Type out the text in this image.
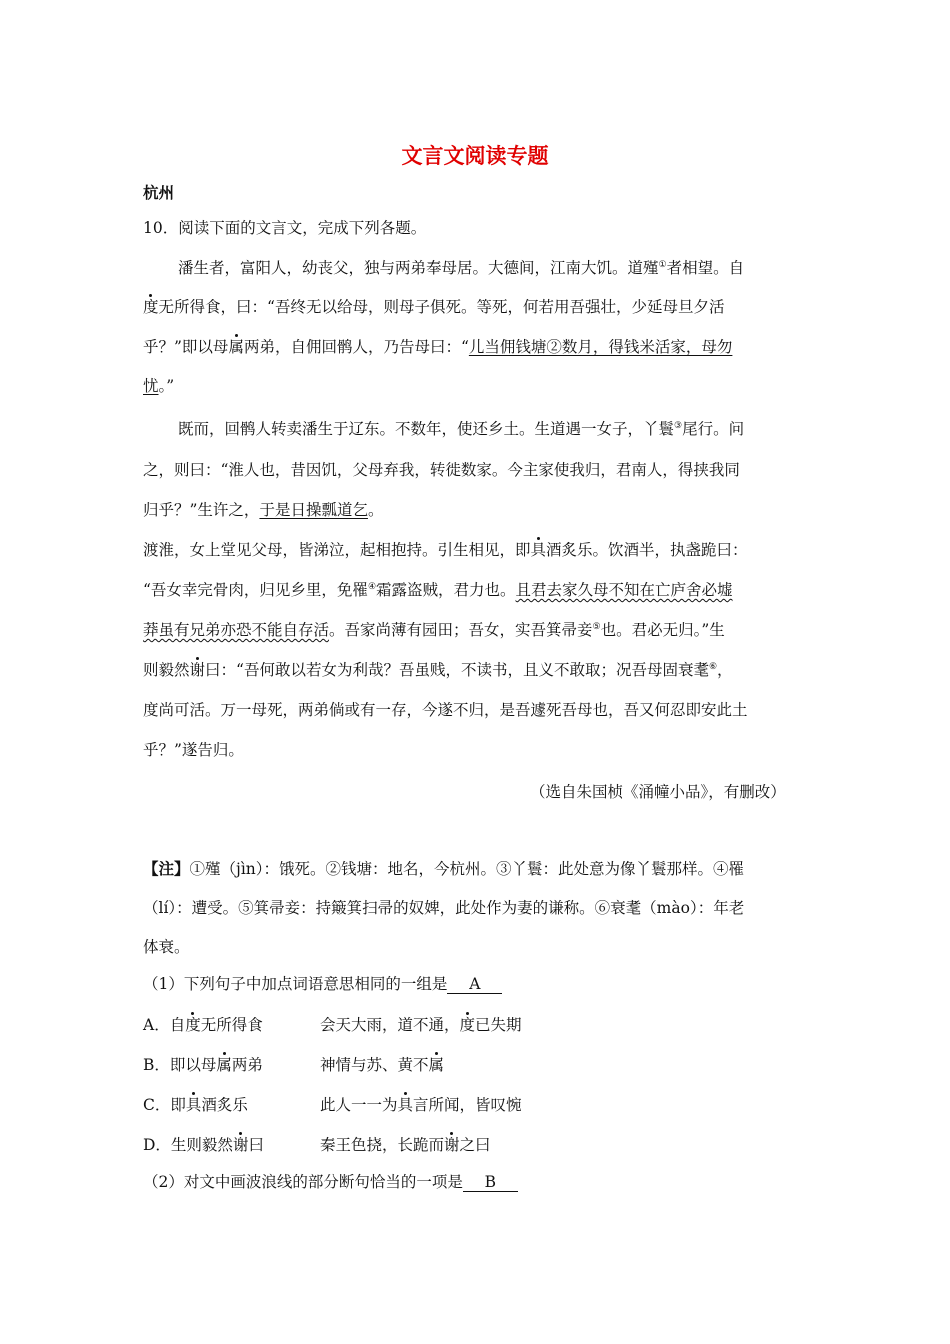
文言文阅读专题
杭州
10．阅读下面的文言文，完成下列各题。
潘生者，富阳人，幼丧父，独与两弟奉母居。大德间，江南大饥。道殣①者相望。自
度无所得食，曰：“吾终无以给母，则母子俱死。等死，何若用吾强壮，少延母旦夕活
乎？”即以母属两弟，自佣回鹘人，乃告母曰：“儿当佣钱塘②数月，得钱米活家，母勿
忧。”
既而，回鹘人转卖潘生于辽东。不数年，使还乡土。生道遇一女子，丫鬟③尾行。问
之，则曰：“淮人也，昔因饥，父母弃我，转徙数家。今主家使我归，君南人，得挟我同
归乎？”生许之，于是日操瓢道乞。
渡淮，女上堂见父母，皆涕泣，起相抱持。引生相见，即具酒炙乐。饮酒半，执盏跪曰：
“吾女幸完骨肉，归见乡里，免罹④霜露盗贼，君力也。且君去家久母不知在亡庐舍必墟
莽虽有兄弟亦恐不能自存活。吾家尚薄有园田；吾女，实吾箕帚妾⑤也。君必无归。”生
则毅然谢曰：“吾何敢以若女为利哉？吾虽贱，不读书，且义不敢取；况吾母固衰耄⑥，
度尚可活。万一母死，两弟倘或有一存，今遂不归，是吾遽死吾母也，吾又何忍即安此土
乎？”遂告归。
（选自朱国桢《涌幢小品》，有删改）
【注】①殣（jìn）：饿死。②钱塘：地名，今杭州。③丫鬟：此处意为像丫鬟那样。④罹
（lí）：遭受。⑤箕帚妾：持簸箕扫帚的奴婢，此处作为妻的谦称。⑥衰耄（mào）：年老
体衰。
（1）下列句子中加点词语意思相同的一组是 A
A．自度无所得食	会天大雨，道不通，度已失期
B．即以母属两弟	神情与苏、黄不属
C．即具酒炙乐	此人一一为具言所闻，皆叹惋
D．生则毅然谢曰	秦王色挠，长跪而谢之曰
（2）对文中画波浪线的部分断句恰当的一项是 B
